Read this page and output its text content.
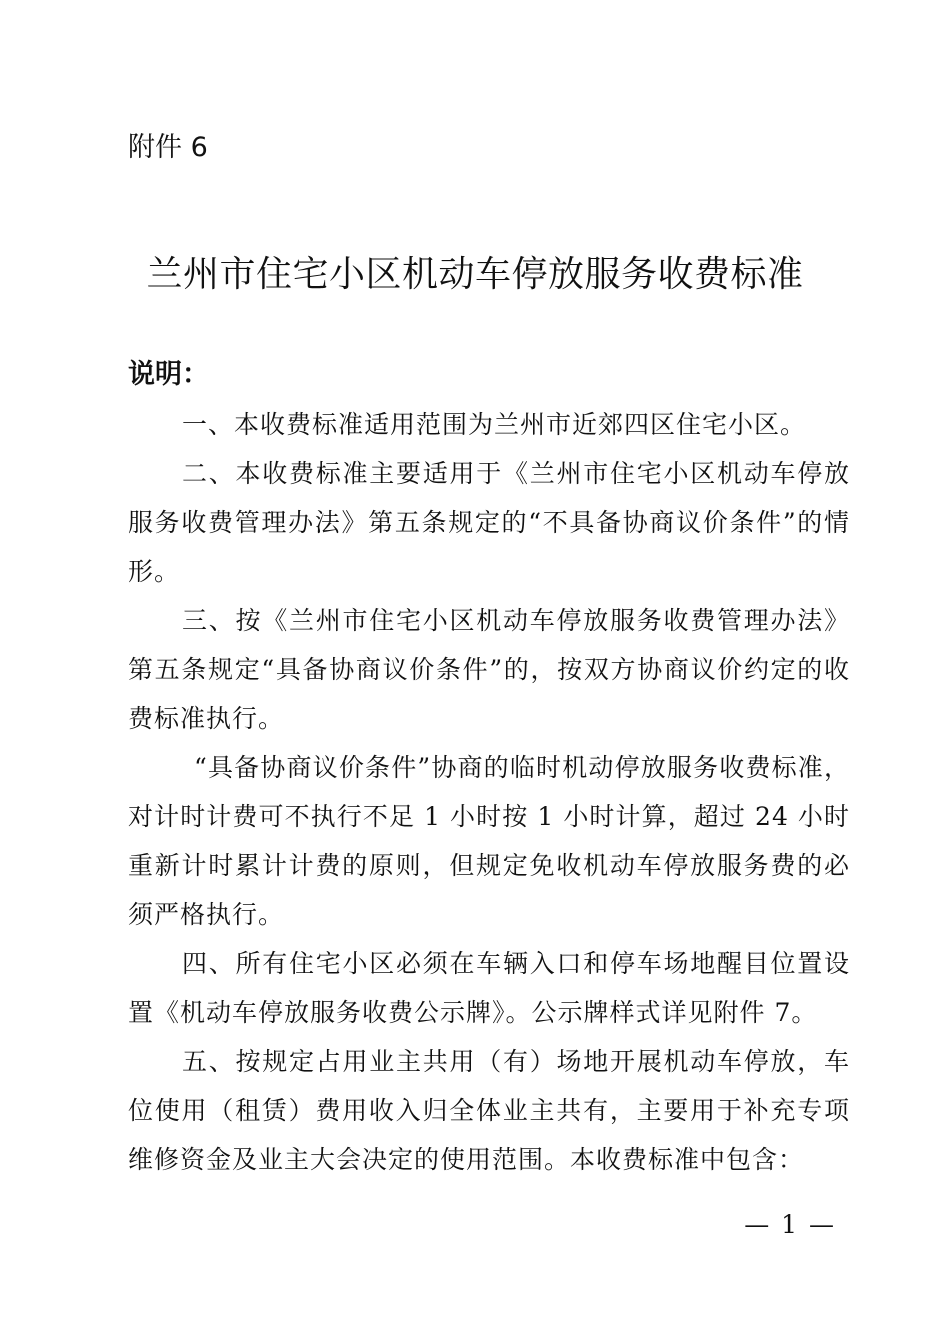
附件 6
兰州市住宅小区机动车停放服务收费标准
说明：

一、本收费标准适用范围为兰州市近郊四区住宅小区。

二、本收费标准主要适用于《兰州市住宅小区机动车停放服务收费管理办法》第五条规定的“不具备协商议价条件”的情形。

三、按《兰州市住宅小区机动车停放服务收费管理办法》第五条规定“具备协商议价条件”的，按双方协商议价约定的收费标准执行。

“具备协商议价条件”协商的临时机动停放服务收费标准，对计时计费可不执行不足 1 小时按 1 小时计算，超过 24 小时重新计时累计计费的原则，但规定免收机动车停放服务费的必须严格执行。

四、所有住宅小区必须在车辆入口和停车场地醒目位置设置《机动车停放服务收费公示牌》。公示牌样式详见附件 7。

五、按规定占用业主共用（有）场地开展机动车停放，车位使用（租赁）费用收入归全体业主共有，主要用于补充专项维修资金及业主大会决定的使用范围。本收费标准中包含：

— 1 —
